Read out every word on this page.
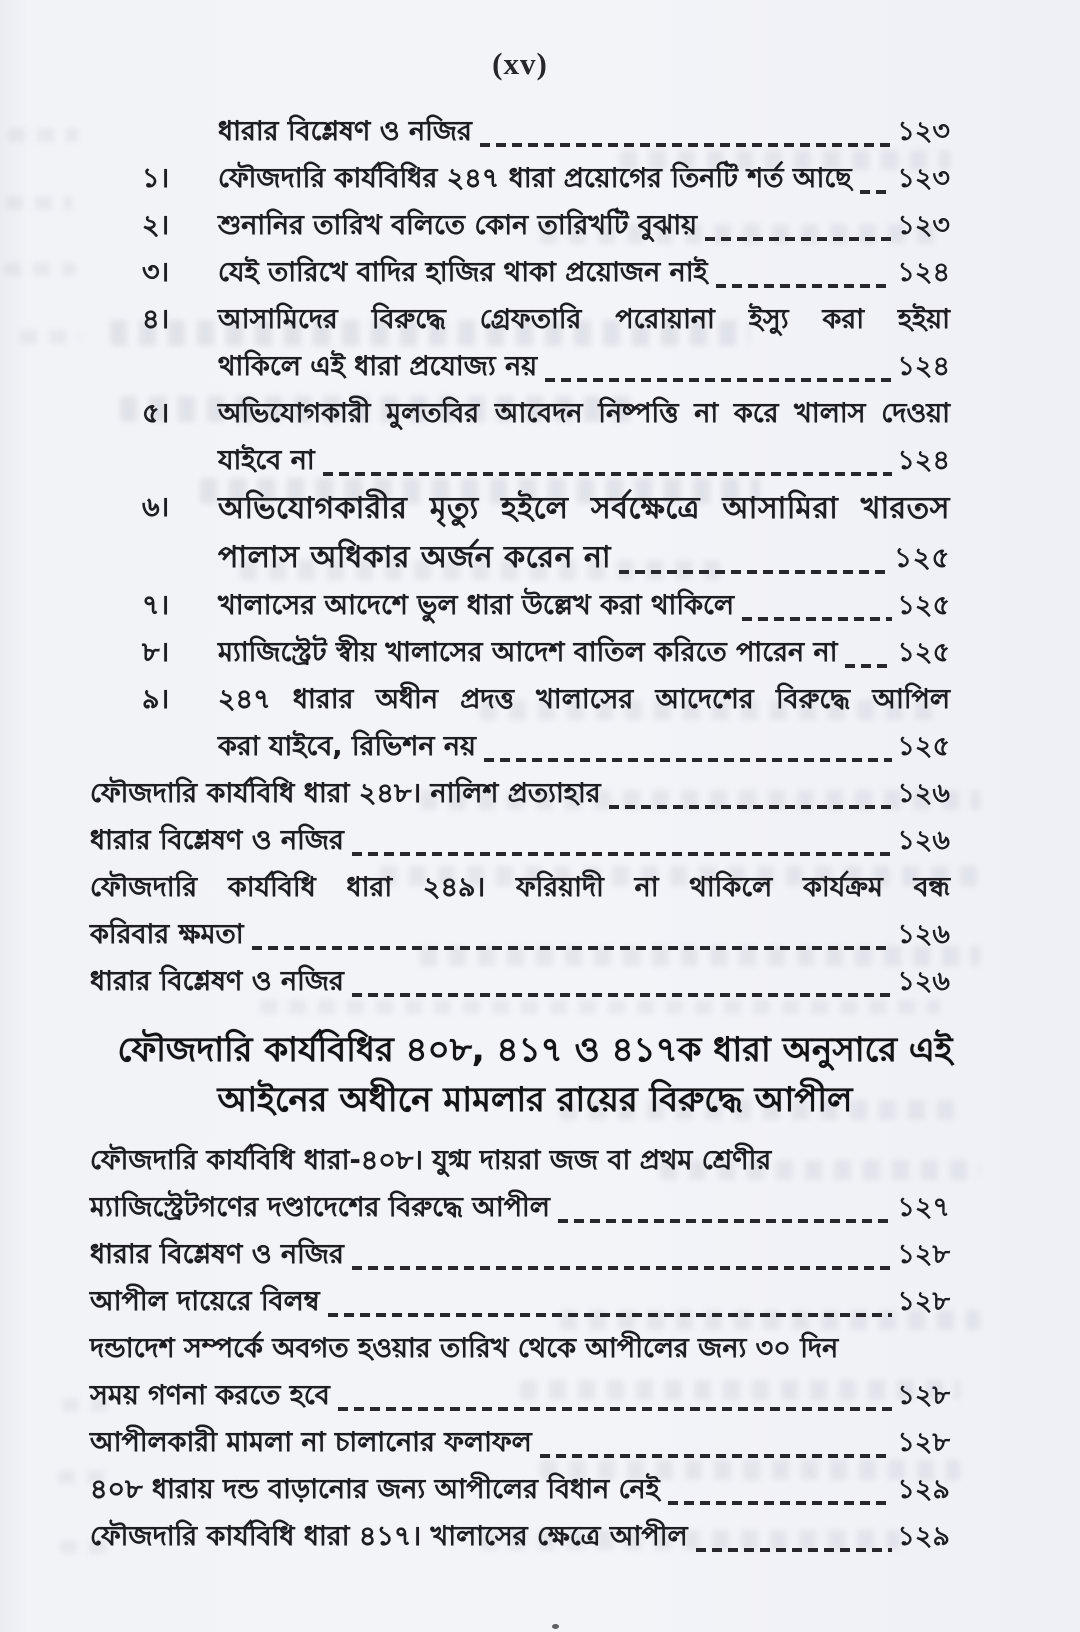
(xv)
ধারার বিশ্লেষণ ও নজির	১২৩
১।	ফৌজদারি কার্যবিধির ২৪৭ ধারা প্রয়োগের তিনটি শর্ত আছে ১২৩
২।	শুনানির তারিখ বলিতে কোন তারিখটি বুঝায়	১২৩
৩।	যেই তারিখে বাদির হাজির থাকা প্রয়োজন নাই	১২৪
৪।	আসামিদের বিরুদ্ধে গ্রেফতারি পরোয়ানা ইস্যু করা হইয়া
থাকিলে এই ধারা প্রযোজ্য নয়	১২৪
৫।	অভিযোগকারী মুলতবির আবেদন নিষ্পত্তি না করে খালাস দেওয়া
যাইবে না	১২৪
৬।	অভিযোগকারীর মৃত্যু হইলে সর্বক্ষেত্রে আসামিরা খারতস
পালাস অধিকার অর্জন করেন না	১২৫
৭।	খালাসের আদেশে ভুল ধারা উল্লেখ করা থাকিলে	১২৫
৮।	ম্যাজিস্ট্রেট স্বীয় খালাসের আদেশ বাতিল করিতে পারেন না ১২৫
৯।	২৪৭ ধারার অধীন প্রদত্ত খালাসের আদেশের বিরুদ্ধে আপিল
করা যাইবে, রিভিশন নয়	১২৫
ফৌজদারি কার্যবিধি ধারা ২৪৮। নালিশ প্রত্যাহার	১২৬
ধারার বিশ্লেষণ ও নজির	১২৬
ফৌজদারি কার্যবিধি ধারা ২৪৯। ফরিয়াদী না থাকিলে কার্যক্রম বন্ধ
করিবার ক্ষমতা	১২৬
ধারার বিশ্লেষণ ও নজির	১২৬
ফৌজদারি কার্যবিধির ৪০৮, ৪১৭ ও ৪১৭ক ধারা অনুসারে এই
আইনের অধীনে মামলার রায়ের বিরুদ্ধে আপীল
ফৌজদারি কার্যবিধি ধারা-৪০৮। যুগ্ম দায়রা জজ বা প্রথম শ্রেণীর
ম্যাজিস্ট্রেটগণের দণ্ডাদেশের বিরুদ্ধে আপীল	১২৭
ধারার বিশ্লেষণ ও নজির	১২৮
আপীল দায়েরে বিলম্ব	১২৮
দন্ডাদেশ সম্পর্কে অবগত হওয়ার তারিখ থেকে আপীলের জন্য ৩০ দিন
সময় গণনা করতে হবে	১২৮
আপীলকারী মামলা না চালানোর ফলাফল	১২৮
৪০৮ ধারায় দন্ড বাড়ানোর জন্য আপীলের বিধান নেই	১২৯
ফৌজদারি কার্যবিধি ধারা ৪১৭। খালাসের ক্ষেত্রে আপীল	১২৯
